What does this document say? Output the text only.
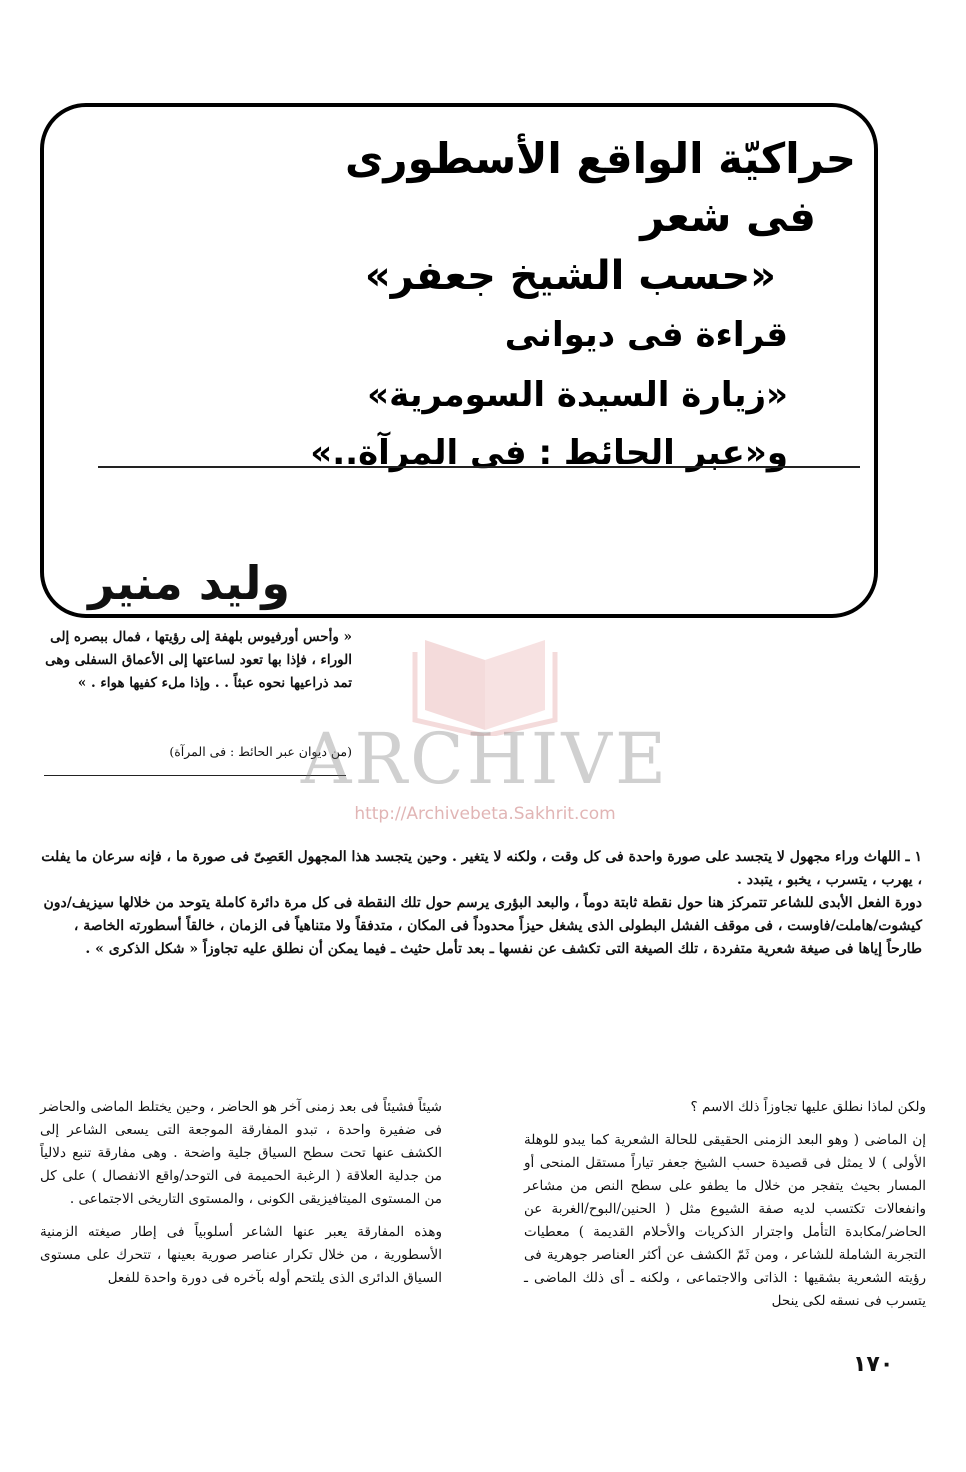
حراكيّة الواقع الأسطورى
فى شعر
«حسب الشيخ جعفر»
قراءة فى ديوانى
«زيارة السيدة السومرية»
و«عبر الحائط : فى المرآة..»
وليد منير
« وأحس أورفيوس بلهفة إلى رؤيتها ، فمال ببصره إلى الوراء ، فإذا بها تعود لساعتها إلى الأعماق السفلى وهى تمد ذراعيها نحوه عبثاً . . وإذا ملء كفيها هواء . »
(من ديوان عبر الحائط : فى المرآة)
ARCHIVE
http://Archivebeta.Sakhrit.com

١ ـ اللهاث وراء مجهول لا يتجسد على صورة واحدة فى كل وقت ، ولكنه لا يتغير . وحين يتجسد هذا المجهول العَصِىّ فى صورة ما ، فإنه سرعان ما يفلت ، يهرب ، يتسرب ، يخبو ، يتبدد .

دورة الفعل الأبدى للشاعر تتمركز هنا حول نقطة ثابتة دوماً ، والبعد البؤرى يرسم حول تلك النقطة فى كل مرة دائرة كاملة يتوحد من خلالها سيزيف/دون كيشوت/هاملت/فاوست ، فى موقف الفشل البطولى الذى يشغل حيزاً محدوداً فى المكان ، متدفقاً ولا متناهياً فى الزمان ، خالقاً أسطورته الخاصة ، طارحاً إياها فى صيغة شعرية متفردة ، تلك الصيغة التى تكشف عن نفسها ـ بعد تأمل حثيث ـ فيما يمكن أن نطلق عليه تجاوزاً « شكل الذكرى » .

ولكن لماذا نطلق عليها تجاوزاً ذلك الاسم ؟

إن الماضى ( وهو البعد الزمنى الحقيقى للحالة الشعرية كما يبدو للوهلة الأولى ) لا يمثل فى قصيدة حسب الشيخ جعفر تياراً مستقل المنحى أو المسار بحيث يتفجر من خلال ما يطفو على سطح النص من مشاعر وانفعالات تكتسب لديه صفة الشيوع مثل ( الحنين/البوح/الغربة عن الحاضر/مكابدة التأمل واجترار الذكريات والأحلام القديمة ) معطيات التجربة الشاملة للشاعر ، ومن ثَمّ الكشف عن أكثر العناصر جوهرية فى رؤيته الشعرية بشقيها : الذاتى والاجتماعى ، ولكنه ـ أى ذلك الماضى ـ يتسرب فى نسقه لكى ينحل

شيئاً فشيئاً فى بعد زمنى آخر هو الحاضر ، وحين يختلط الماضى والحاضر فى ضفيرة واحدة ، تبدو المفارقة الموجعة التى يسعى الشاعر إلى الكشف عنها تحت سطح السياق جلية واضحة . وهى مفارقة تنبع دلالياً من جدلية العلاقة ( الرغبة الحميمة فى التوحد/واقع الانفصال ) على كل من المستوى الميتافيزيقى الكونى ، والمستوى التاريخى الاجتماعى .

وهذه المفارقة يعبر عنها الشاعر أسلوبياً فى إطار صيغته الزمنية الأسطورية ، من خلال تكرار عناصر صورية بعينها ، تتحرك على مستوى السياق الدائرى الذى يلتحم أوله بآخره فى دورة واحدة للفعل

١٧٠
